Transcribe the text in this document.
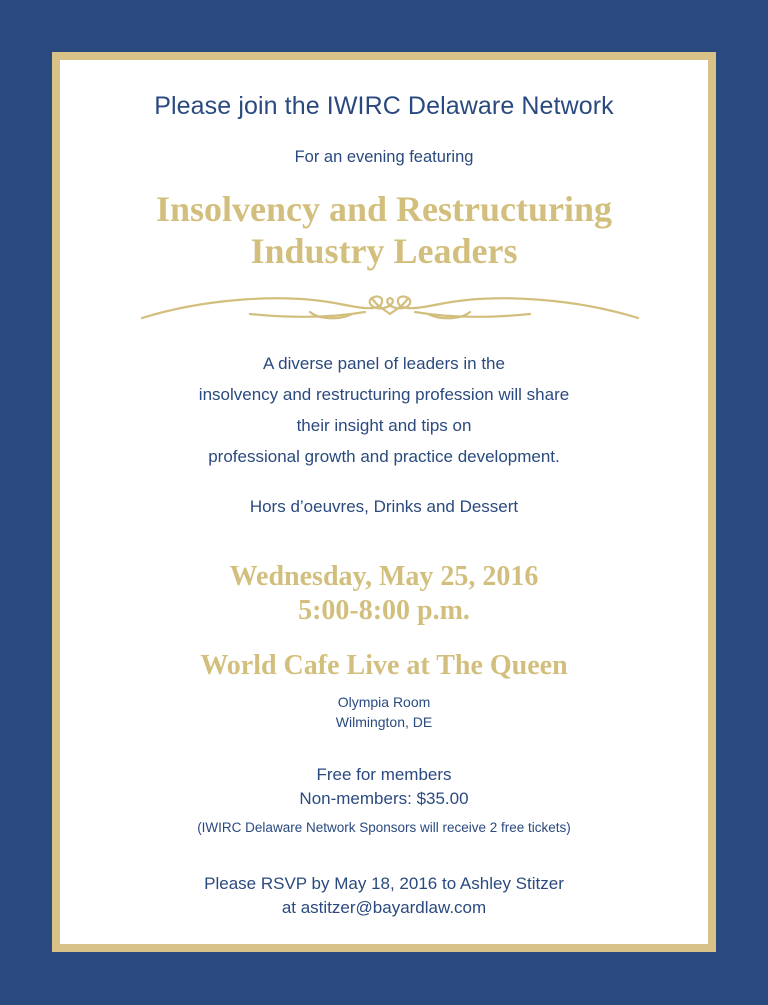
Please join the IWIRC Delaware Network
For an evening featuring
Insolvency and Restructuring
Industry Leaders
A diverse panel of leaders in the
insolvency and restructuring profession will share
their insight and tips on
professional growth and practice development.
Hors d’oeuvres, Drinks and Dessert
Wednesday, May 25, 2016
5:00-8:00 p.m.
World Cafe Live at The Queen
Olympia Room
Wilmington, DE
Free for members
Non-members: $35.00
(IWIRC Delaware Network Sponsors will receive 2 free tickets)
Please RSVP by May 18, 2016 to Ashley Stitzer
at astitzer@bayardlaw.com
